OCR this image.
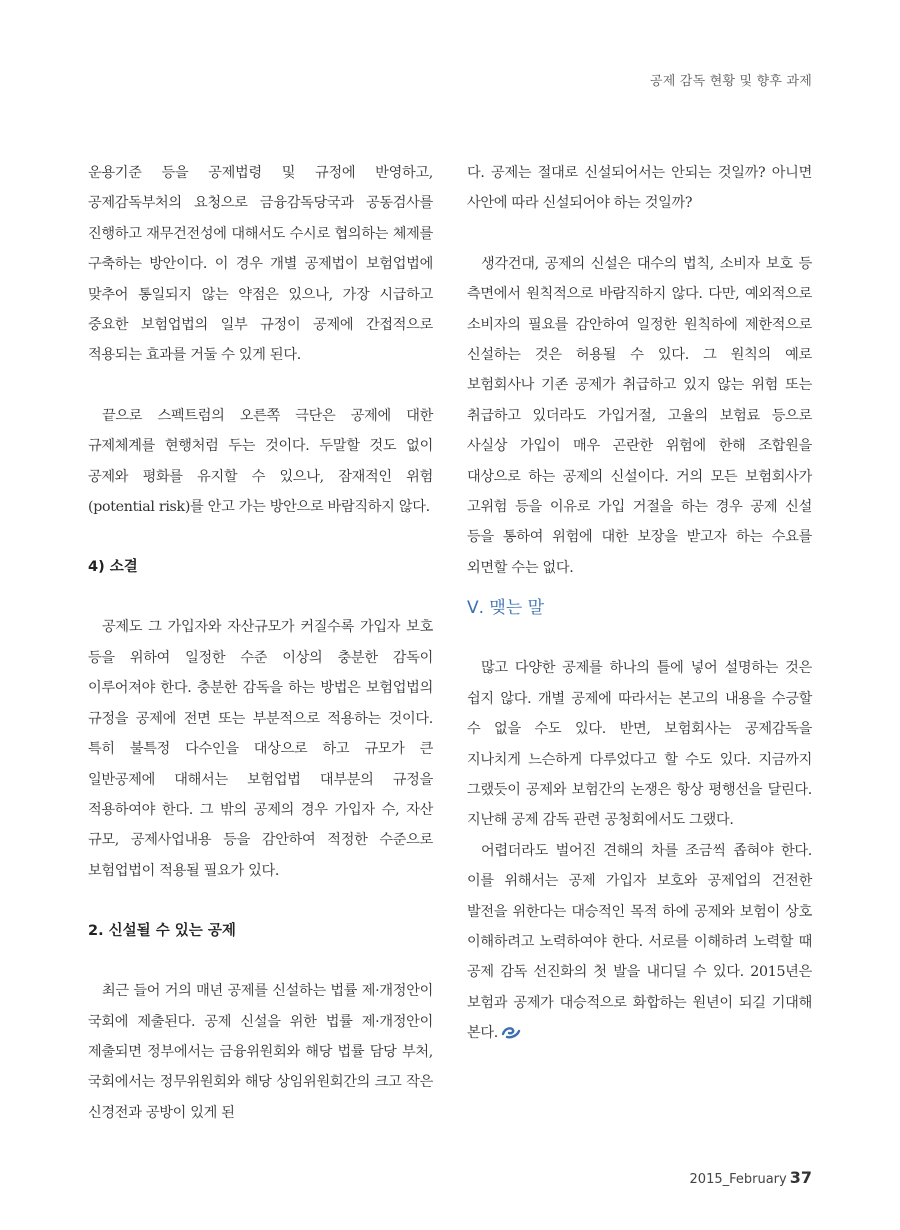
공제 감독 현황 및 향후 과제

운용기준 등을 공제법령 및 규정에 반영하고, 공제감독부처의 요청으로 금융감독당국과 공동검사를 진행하고 재무건전성에 대해서도 수시로 협의하는 체제를 구축하는 방안이다. 이 경우 개별 공제법이 보험업법에 맞추어 통일되지 않는 약점은 있으나, 가장 시급하고 중요한 보험업법의 일부 규정이 공제에 간접적으로 적용되는 효과를 거둘 수 있게 된다.

끝으로 스펙트럼의 오른쪽 극단은 공제에 대한 규제체계를 현행처럼 두는 것이다. 두말할 것도 없이 공제와 평화를 유지할 수 있으나, 잠재적인 위험(potential risk)를 안고 가는 방안으로 바람직하지 않다.

4) 소결

공제도 그 가입자와 자산규모가 커질수록 가입자 보호 등을 위하여 일정한 수준 이상의 충분한 감독이 이루어져야 한다. 충분한 감독을 하는 방법은 보험업법의 규정을 공제에 전면 또는 부분적으로 적용하는 것이다. 특히 불특정 다수인을 대상으로 하고 규모가 큰 일반공제에 대해서는 보험업법 대부분의 규정을 적용하여야 한다. 그 밖의 공제의 경우 가입자 수, 자산 규모, 공제사업내용 등을 감안하여 적정한 수준으로 보험업법이 적용될 필요가 있다.

2. 신설될 수 있는 공제

최근 들어 거의 매년 공제를 신설하는 법률 제·개정안이 국회에 제출된다. 공제 신설을 위한 법률 제·개정안이 제출되면 정부에서는 금융위원회와 해당 법률 담당 부처, 국회에서는 정무위원회와 해당 상임위원회간의 크고 작은 신경전과 공방이 있게 된

다. 공제는 절대로 신설되어서는 안되는 것일까? 아니면 사안에 따라 신설되어야 하는 것일까?

생각건대, 공제의 신설은 대수의 법칙, 소비자 보호 등 측면에서 원칙적으로 바람직하지 않다. 다만, 예외적으로 소비자의 필요를 감안하여 일정한 원칙하에 제한적으로 신설하는 것은 허용될 수 있다. 그 원칙의 예로 보험회사나 기존 공제가 취급하고 있지 않는 위험 또는 취급하고 있더라도 가입거절, 고율의 보험료 등으로 사실상 가입이 매우 곤란한 위험에 한해 조합원을 대상으로 하는 공제의 신설이다. 거의 모든 보험회사가 고위험 등을 이유로 가입 거절을 하는 경우 공제 신설 등을 통하여 위험에 대한 보장을 받고자 하는 수요를 외면할 수는 없다.

Ⅴ. 맺는 말

많고 다양한 공제를 하나의 틀에 넣어 설명하는 것은 쉽지 않다. 개별 공제에 따라서는 본고의 내용을 수긍할 수 없을 수도 있다. 반면, 보험회사는 공제감독을 지나치게 느슨하게 다루었다고 할 수도 있다. 지금까지 그랬듯이 공제와 보험간의 논쟁은 항상 평행선을 달린다. 지난해 공제 감독 관련 공청회에서도 그랬다.

어렵더라도 벌어진 견해의 차를 조금씩 좁혀야 한다. 이를 위해서는 공제 가입자 보호와 공제업의 건전한 발전을 위한다는 대승적인 목적 하에 공제와 보험이 상호 이해하려고 노력하여야 한다. 서로를 이해하려 노력할 때 공제 감독 선진화의 첫 발을 내디딜 수 있다. 2015년은 보험과 공제가 대승적으로 화합하는 원년이 되길 기대해 본다.

2015_February 37
